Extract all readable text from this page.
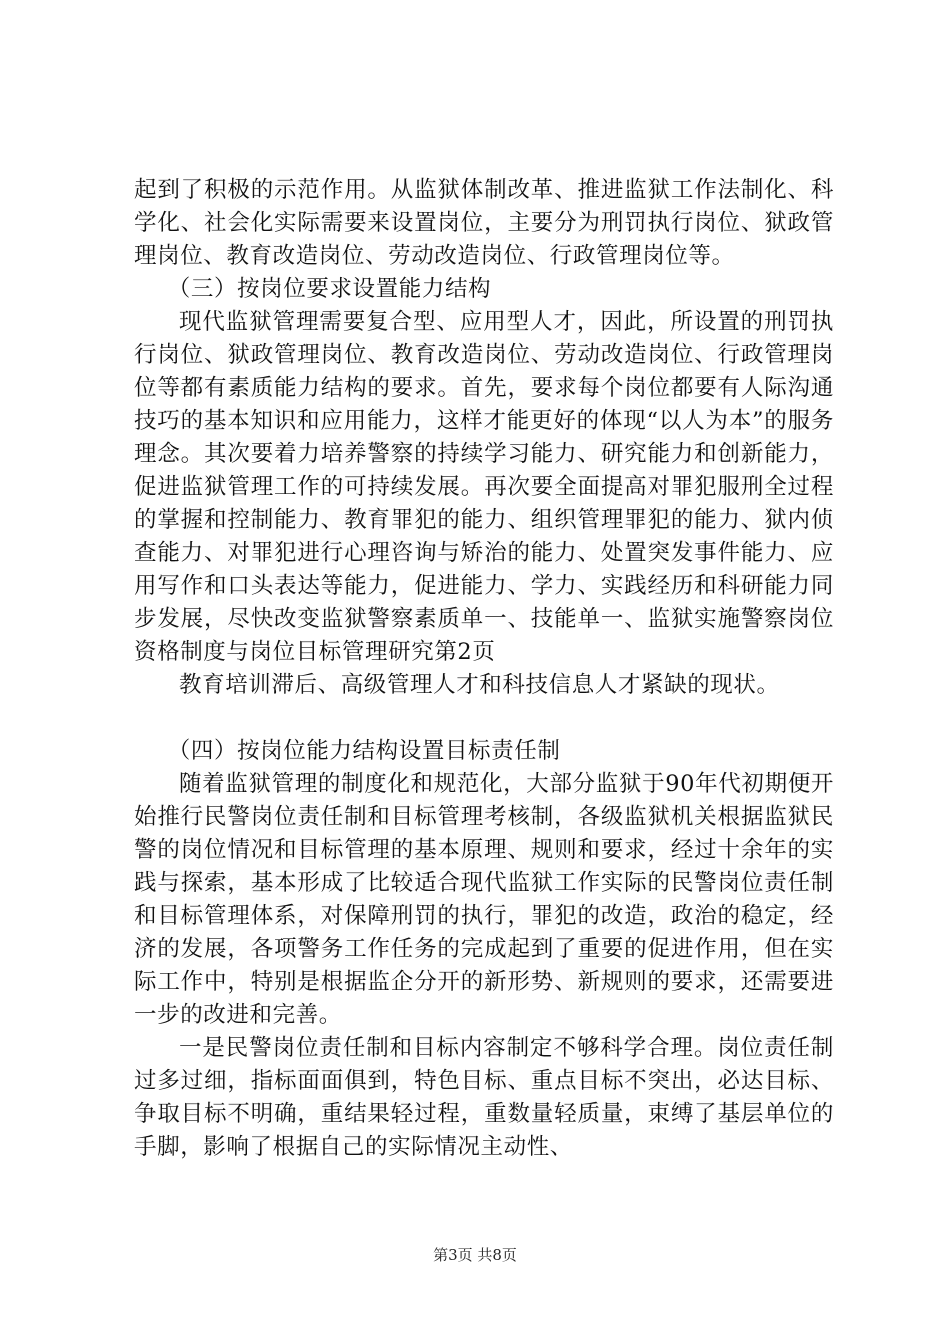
起到了积极的示范作用。从监狱体制改革、推进监狱工作法制化、科学化、社会化实际需要来设置岗位，主要分为刑罚执行岗位、狱政管理岗位、教育改造岗位、劳动改造岗位、行政管理岗位等。

（三）按岗位要求设置能力结构

现代监狱管理需要复合型、应用型人才，因此，所设置的刑罚执行岗位、狱政管理岗位、教育改造岗位、劳动改造岗位、行政管理岗位等都有素质能力结构的要求。首先，要求每个岗位都要有人际沟通技巧的基本知识和应用能力，这样才能更好的体现“以人为本”的服务理念。其次要着力培养警察的持续学习能力、研究能力和创新能力，促进监狱管理工作的可持续发展。再次要全面提高对罪犯服刑全过程的掌握和控制能力、教育罪犯的能力、组织管理罪犯的能力、狱内侦查能力、对罪犯进行心理咨询与矫治的能力、处置突发事件能力、应用写作和口头表达等能力，促进能力、学力、实践经历和科研能力同步发展，尽快改变监狱警察素质单一、技能单一、监狱实施警察岗位资格制度与岗位目标管理研究第2页

教育培训滞后、高级管理人才和科技信息人才紧缺的现状。

（四）按岗位能力结构设置目标责任制

随着监狱管理的制度化和规范化，大部分监狱于90年代初期便开始推行民警岗位责任制和目标管理考核制，各级监狱机关根据监狱民警的岗位情况和目标管理的基本原理、规则和要求，经过十余年的实践与探索，基本形成了比较适合现代监狱工作实际的民警岗位责任制和目标管理体系，对保障刑罚的执行，罪犯的改造，政治的稳定，经济的发展，各项警务工作任务的完成起到了重要的促进作用，但在实际工作中，特别是根据监企分开的新形势、新规则的要求，还需要进一步的改进和完善。

一是民警岗位责任制和目标内容制定不够科学合理。岗位责任制过多过细，指标面面俱到，特色目标、重点目标不突出，必达目标、争取目标不明确，重结果轻过程，重数量轻质量，束缚了基层单位的手脚，影响了根据自己的实际情况主动性、

第3页 共8页
